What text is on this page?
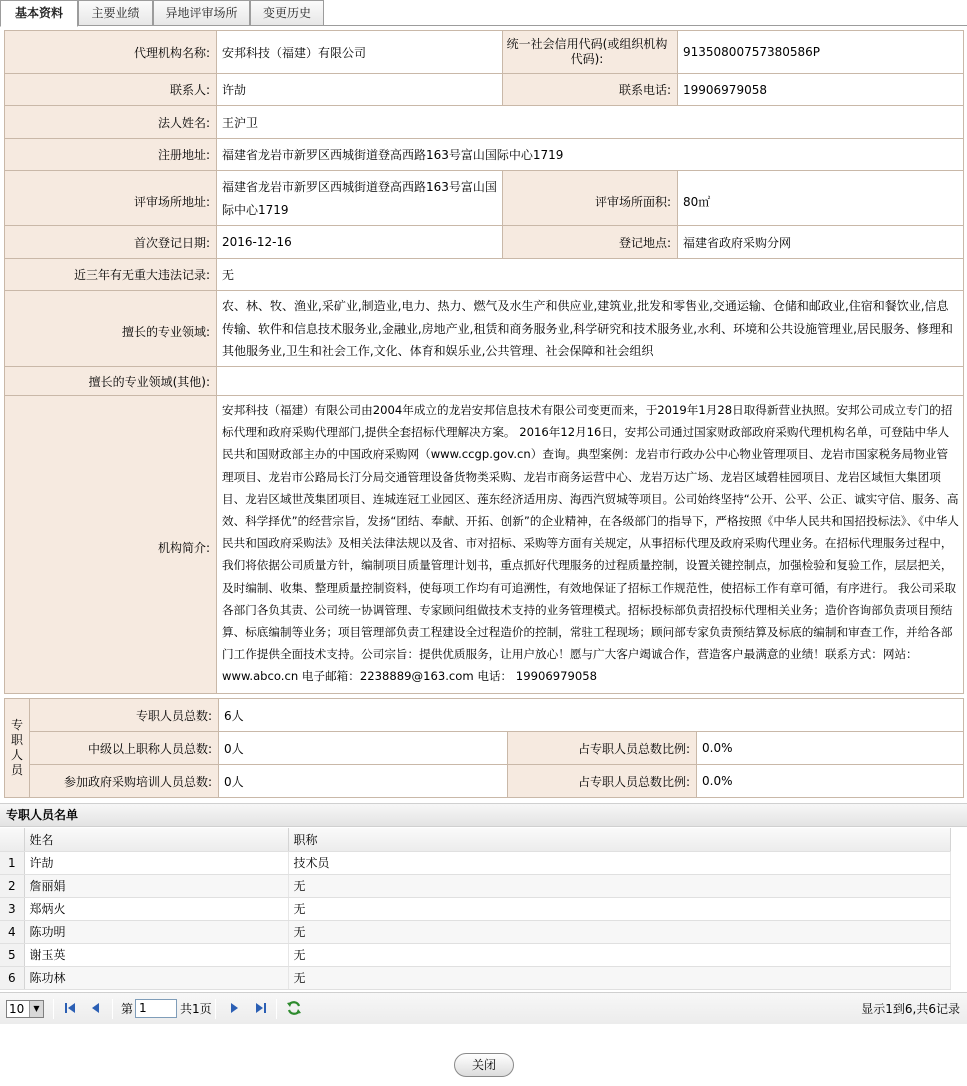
基本资料	主要业绩	异地评审场所	变更历史
代理机构名称:	安邦科技（福建）有限公司	统一社会信用代码(或组织机构代码):	91350800757380586P
联系人:	许劼	联系电话:	19906979058
法人姓名:	王沪卫		
注册地址:	福建省龙岩市新罗区西城街道登高西路163号富山国际中心1719		
评审场所地址:	福建省龙岩市新罗区西城街道登高西路163号富山国际中心1719	评审场所面积:	80㎡
首次登记日期:	2016-12-16	登记地点:	福建省政府采购分网
近三年有无重大违法记录:	无		
擅长的专业领域:	农、林、牧、渔业,采矿业,制造业,电力、热力、燃气及水生产和供应业,建筑业,批发和零售业,交通运输、仓储和邮政业,住宿和餐饮业,信息传输、软件和信息技术服务业,金融业,房地产业,租赁和商务服务业,科学研究和技术服务业,水利、环境和公共设施管理业,居民服务、修理和其他服务业,卫生和社会工作,文化、体育和娱乐业,公共管理、社会保障和社会组织		
擅长的专业领域(其他):			
机构简介:	安邦科技（福建）有限公司由2004年成立的龙岩安邦信息技术有限公司变更而来，于2019年1月28日取得新营业执照。安邦公司成立专门的招标代理和政府采购代理部门,提供全套招标代理解决方案。 2016年12月16日，安邦公司通过国家财政部政府采购代理机构名单，可登陆中华人民共和国财政部主办的中国政府采购网（www.ccgp.gov.cn）查询。典型案例：龙岩市行政办公中心物业管理项目、龙岩市国家税务局物业管理项目、龙岩市公路局长汀分局交通管理设备货物类采购、龙岩市商务运营中心、龙岩万达广场、龙岩区域碧桂园项目、龙岩区域恒大集团项目、龙岩区域世茂集团项目、连城连冠工业园区、莲东经济适用房、海西汽贸城等项目。公司始终坚持“公开、公平、公正、诚实守信、服务、高效、科学择优”的经营宗旨，发扬“团结、奉献、开拓、创新”的企业精神，在各级部门的指导下，严格按照《中华人民共和国招投标法》、《中华人民共和国政府采购法》及相关法律法规以及省、市对招标、采购等方面有关规定，从事招标代理及政府采购代理业务。在招标代理服务过程中，我们将依据公司质量方针，编制项目质量管理计划书，重点抓好代理服务的过程质量控制，设置关键控制点，加强检验和复验工作，层层把关，及时编制、收集、整理质量控制资料，使每项工作均有可追溯性，有效地保证了招标工作规范性，使招标工作有章可循，有序进行。 我公司采取各部门各负其责、公司统一协调管理、专家顾问组做技术支持的业务管理模式。招标投标部负责招投标代理相关业务；造价咨询部负责项目预结算、标底编制等业务；项目管理部负责工程建设全过程造价的控制，常驻工程现场；顾问部专家负责预结算及标底的编制和审查工作，并给各部门工作提供全面技术支持。公司宗旨：提供优质服务，让用户放心！愿与广大客户竭诚合作，营造客户最满意的业绩！联系方式：网站： www.abco.cn 电子邮箱：2238889@163.com 电话： 19906979058		
专职人员	专职人员总数:	6人		
	中级以上职称人员总数:	0人	占专职人员总数比例:	0.0%
	参加政府采购培训人员总数:	0人	占专职人员总数比例:	0.0%
专职人员名单
	姓名	职称
1	许劼	技术员
2	詹丽娟	无
3	郑炳火	无
4	陈功明	无
5	谢玉英	无
6	陈功林	无
10	▼	第 1	共1页	显示1到6,共6记录
关闭
